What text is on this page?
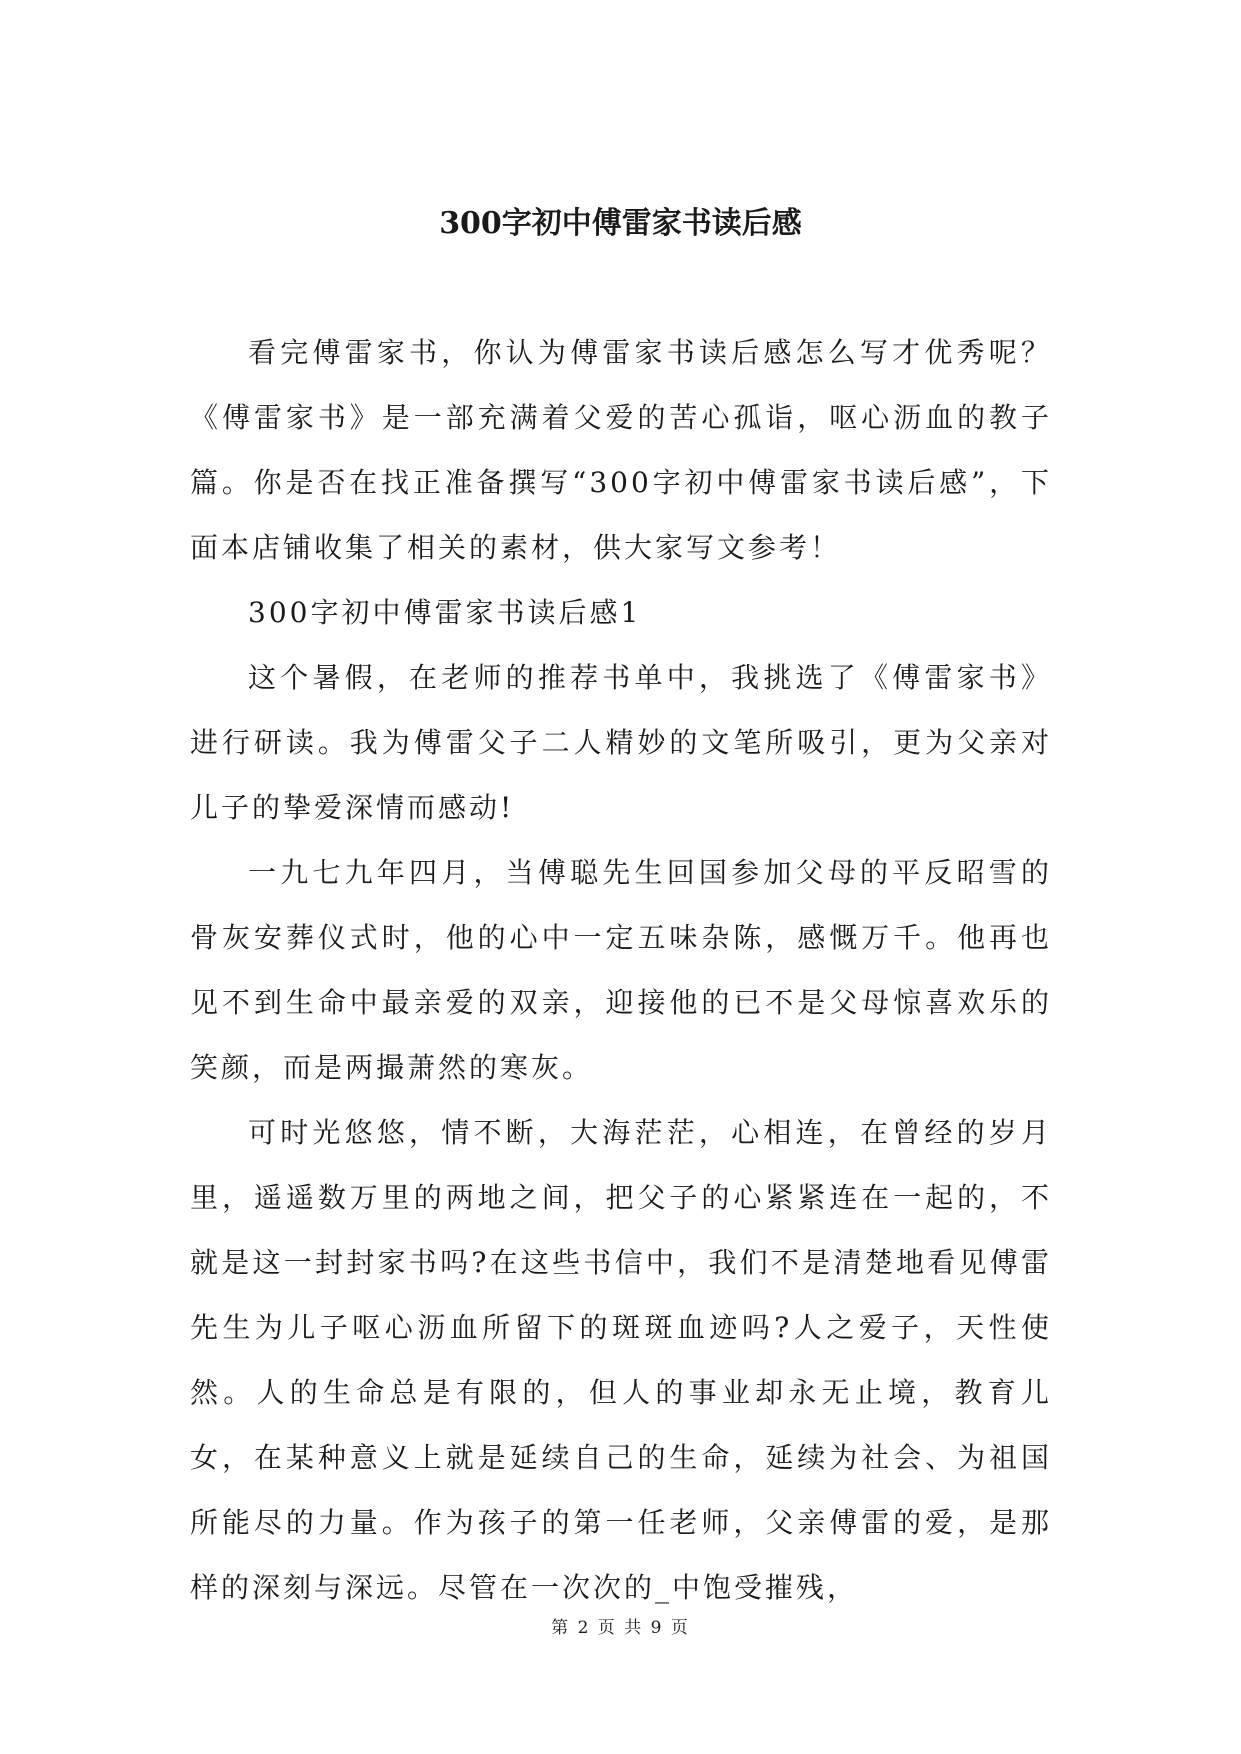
300字初中傅雷家书读后感

看完傅雷家书，你认为傅雷家书读后感怎么写才优秀呢？《傅雷家书》是一部充满着父爱的苦心孤诣，呕心沥血的教子篇。你是否在找正准备撰写“300字初中傅雷家书读后感”，下面本店铺收集了相关的素材，供大家写文参考！

300字初中傅雷家书读后感1

这个暑假，在老师的推荐书单中，我挑选了《傅雷家书》进行研读。我为傅雷父子二人精妙的文笔所吸引，更为父亲对儿子的挚爱深情而感动!

一九七九年四月，当傅聪先生回国参加父母的平反昭雪的骨灰安葬仪式时，他的心中一定五味杂陈，感慨万千。他再也见不到生命中最亲爱的双亲，迎接他的已不是父母惊喜欢乐的笑颜，而是两撮萧然的寒灰。

可时光悠悠，情不断，大海茫茫，心相连，在曾经的岁月里，遥遥数万里的两地之间，把父子的心紧紧连在一起的，不就是这一封封家书吗?在这些书信中，我们不是清楚地看见傅雷先生为儿子呕心沥血所留下的斑斑血迹吗?人之爱子，天性使然。人的生命总是有限的，但人的事业却永无止境，教育儿女，在某种意义上就是延续自己的生命，延续为社会、为祖国所能尽的力量。作为孩子的第一任老师，父亲傅雷的爱，是那样的深刻与深远。尽管在一次次的_中饱受摧残，

第 2 页 共 9 页
